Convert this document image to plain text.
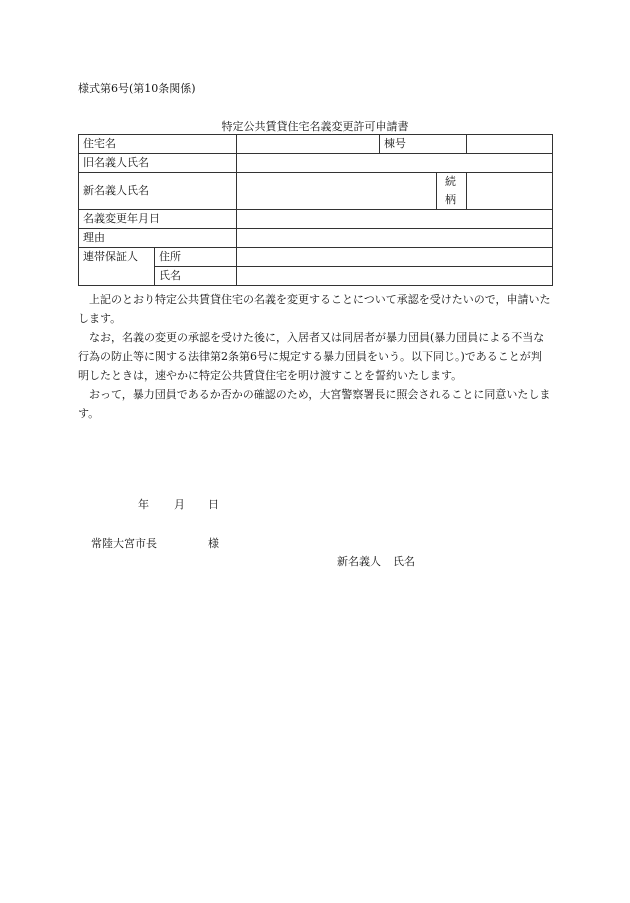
様式第6号(第10条関係)
特定公共賃貸住宅名義変更許可申請書
住宅名			棟号		
旧名義人氏名					
新名義人氏名				続柄	
名義変更年月日					
理由					
連帯保証人	住所				
	氏名				

上記のとおり特定公共賃貸住宅の名義を変更することについて承認を受けたいので，申請いたします。

なお，名義の変更の承認を受けた後に，入居者又は同居者が暴力団員(暴力団員による不当な行為の防止等に関する法律第2条第6号に規定する暴力団員をいう。以下同じ。)であることが判明したときは，速やかに特定公共賃貸住宅を明け渡すことを誓約いたします。

おって，暴力団員であるか否かの確認のため，大宮警察署長に照会されることに同意いたします。

年 月 日
常陸大宮市長	様
新名義人 氏名
